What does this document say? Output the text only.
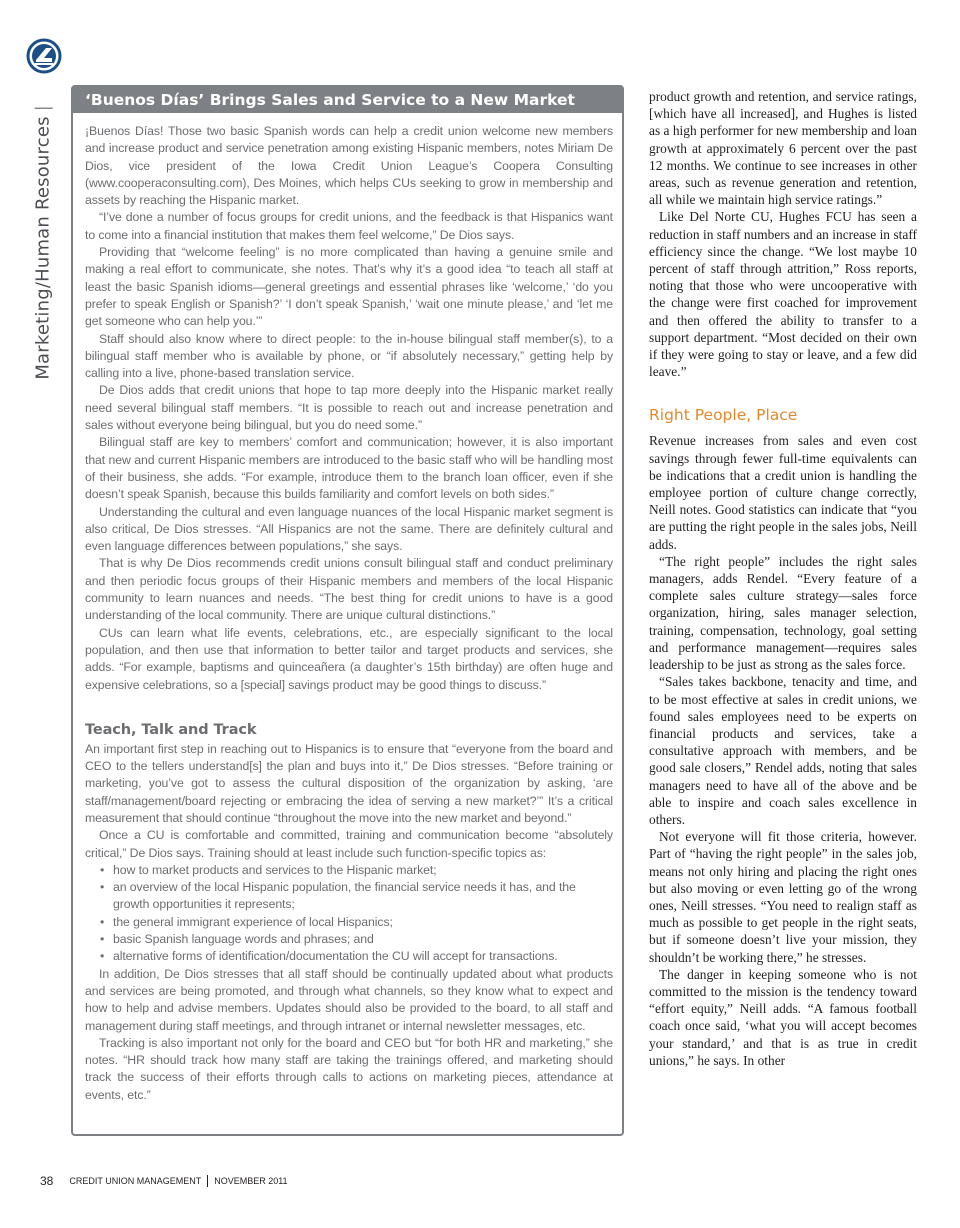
Marketing/Human Resources
‘Buenos Días’ Brings Sales and Service to a New Market

¡Buenos Días! Those two basic Spanish words can help a credit union welcome new members and increase product and service penetration among existing Hispanic members, notes Miriam De Dios, vice president of the Iowa Credit Union League’s Coopera Consulting (www.cooperaconsulting.com), Des Moines, which helps CUs seeking to grow in membership and assets by reaching the Hispanic market.

“I’ve done a number of focus groups for credit unions, and the feedback is that Hispanics want to come into a financial institution that makes them feel welcome,” De Dios says.

Providing that “welcome feeling” is no more complicated than having a genuine smile and making a real effort to communicate, she notes. That’s why it’s a good idea “to teach all staff at least the basic Spanish idioms—general greetings and essential phrases like ‘welcome,’ ‘do you prefer to speak English or Spanish?’ ‘I don’t speak Spanish,’ ‘wait one minute please,’ and ‘let me get someone who can help you.’”

Staff should also know where to direct people: to the in-house bilingual staff member(s), to a bilingual staff member who is available by phone, or “if absolutely necessary,” getting help by calling into a live, phone-based translation service.

De Dios adds that credit unions that hope to tap more deeply into the Hispanic market really need several bilingual staff members. “It is possible to reach out and increase penetration and sales without everyone being bilingual, but you do need some.”

Bilingual staff are key to members’ comfort and communication; however, it is also important that new and current Hispanic members are introduced to the basic staff who will be handling most of their business, she adds. “For example, introduce them to the branch loan officer, even if she doesn’t speak Spanish, because this builds familiarity and comfort levels on both sides.”

Understanding the cultural and even language nuances of the local Hispanic market segment is also critical, De Dios stresses. “All Hispanics are not the same. There are definitely cultural and even language differences between populations,” she says.

That is why De Dios recommends credit unions consult bilingual staff and conduct preliminary and then periodic focus groups of their Hispanic members and members of the local Hispanic community to learn nuances and needs. “The best thing for credit unions to have is a good understanding of the local community. There are unique cultural distinctions.”

CUs can learn what life events, celebrations, etc., are especially significant to the local population, and then use that information to better tailor and target products and services, she adds. “For example, baptisms and quinceañera (a daughter’s 15th birthday) are often huge and expensive celebrations, so a [special] savings product may be good things to discuss.”

Teach, Talk and Track

An important first step in reaching out to Hispanics is to ensure that “everyone from the board and CEO to the tellers understand[s] the plan and buys into it,” De Dios stresses. “Before training or marketing, you’ve got to assess the cultural disposition of the organization by asking, ‘are staff/management/board rejecting or embracing the idea of serving a new market?’” It’s a critical measurement that should continue “throughout the move into the new market and beyond.”

Once a CU is comfortable and committed, training and communication become “absolutely critical,” De Dios says. Training should at least include such function-specific topics as:

• how to market products and services to the Hispanic market;
• an overview of the local Hispanic population, the financial service needs it has, and the growth opportunities it represents;
• the general immigrant experience of local Hispanics;
• basic Spanish language words and phrases; and
• alternative forms of identification/documentation the CU will accept for transactions.

In addition, De Dios stresses that all staff should be continually updated about what products and services are being promoted, and through what channels, so they know what to expect and how to help and advise members. Updates should also be provided to the board, to all staff and management during staff meetings, and through intranet or internal newsletter messages, etc.

Tracking is also important not only for the board and CEO but “for both HR and marketing,” she notes. “HR should track how many staff are taking the trainings offered, and marketing should track the success of their efforts through calls to actions on marketing pieces, attendance at events, etc.”

product growth and retention, and service ratings, [which have all increased], and Hughes is listed as a high performer for new membership and loan growth at approximately 6 percent over the past 12 months. We continue to see increases in other areas, such as revenue generation and retention, all while we maintain high service ratings.”

Like Del Norte CU, Hughes FCU has seen a reduction in staff numbers and an increase in staff efficiency since the change. “We lost maybe 10 percent of staff through attrition,” Ross reports, noting that those who were uncooperative with the change were first coached for improvement and then offered the ability to transfer to a support department. “Most decided on their own if they were going to stay or leave, and a few did leave.”

Right People, Place

Revenue increases from sales and even cost savings through fewer full-time equivalents can be indications that a credit union is handling the employee portion of culture change correctly, Neill notes. Good statistics can indicate that “you are putting the right people in the sales jobs, Neill adds.

“The right people” includes the right sales managers, adds Rendel. “Every feature of a complete sales culture strategy—sales force organization, hiring, sales manager selection, training, compensation, technology, goal setting and performance management—requires sales leadership to be just as strong as the sales force.

“Sales takes backbone, tenacity and time, and to be most effective at sales in credit unions, we found sales employees need to be experts on financial products and services, take a consultative approach with members, and be good sale closers,” Rendel adds, noting that sales managers need to have all of the above and be able to inspire and coach sales excellence in others.

Not everyone will fit those criteria, however. Part of “having the right people” in the sales job, means not only hiring and placing the right ones but also moving or even letting go of the wrong ones, Neill stresses. “You need to realign staff as much as possible to get people in the right seats, but if someone doesn’t live your mission, they shouldn’t be working there,” he stresses.

The danger in keeping someone who is not committed to the mission is the tendency toward “effort equity,” Neill adds. “A famous football coach once said, ‘what you will accept becomes your standard,’ and that is as true in credit unions,” he says. In other

38 CREDIT UNION MANAGEMENT NOVEMBER 2011
